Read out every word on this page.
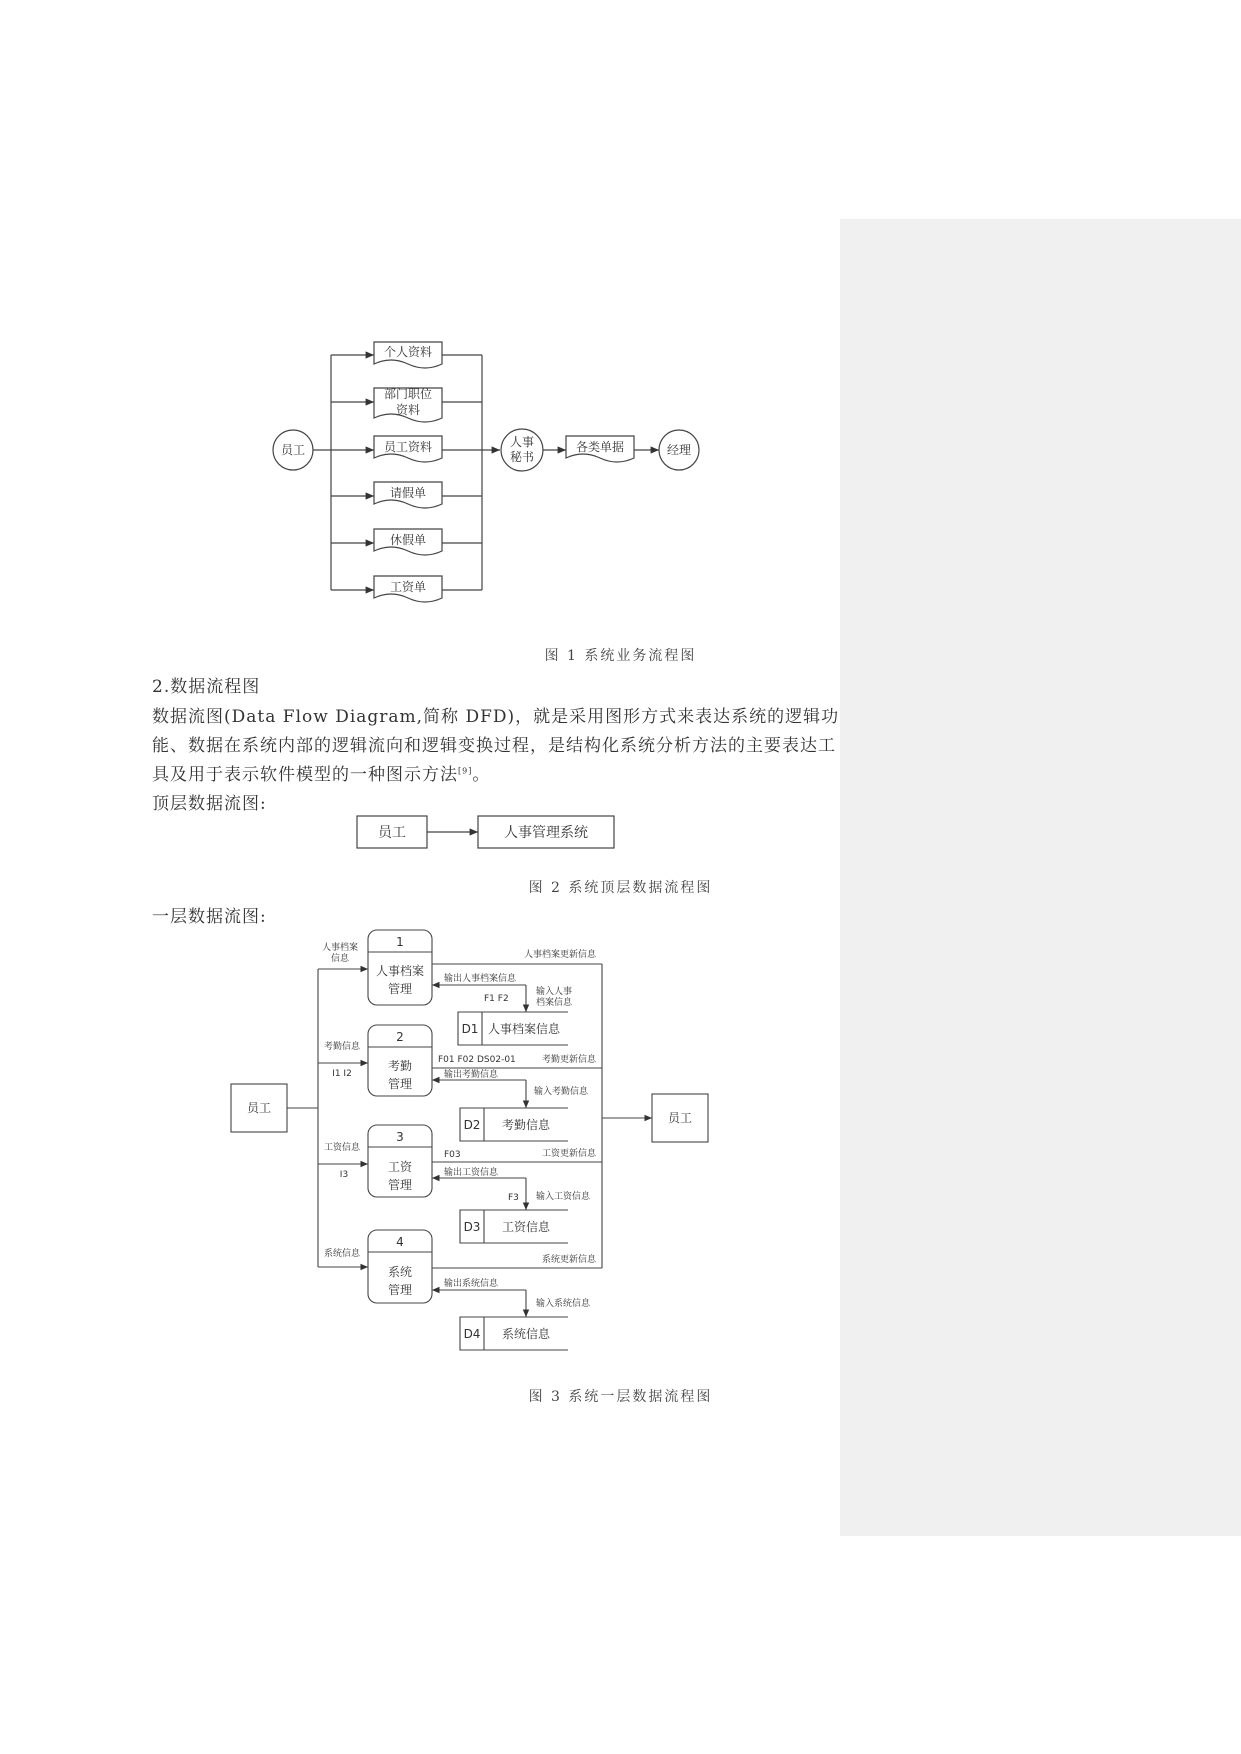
员工
个人资料
部门职位
资料
员工资料
请假单
休假单
工资单
人事
秘书
各类单据	经理
图 1 系统业务流程图
2.数据流程图
数据流图(Data Flow Diagram,简称 DFD)，就是采用图形方式来表达系统的逻辑功
能、数据在系统内部的逻辑流向和逻辑变换过程，是结构化系统分析方法的主要表达工
具及用于表示软件模型的一种图示方法[9]。
顶层数据流图:
员工	人事管理系统
图 2 系统顶层数据流程图
一层数据流图:
员工
员工
1
人事档案
管理
2
考勤
管理
3
工资
管理
4
系统
管理
D1 人事档案信息
D2 考勤信息
D3 工资信息
D4 系统信息
人事档案
信息
考勤信息
I1 I2
工资信息
I3
系统信息
人事档案更新信息
考勤更新信息
工资更新信息
系统更新信息
输出人事档案信息
输出考勤信息
输出工资信息
输出系统信息
输入人事
档案信息
输入考勤信息
输入工资信息
输入系统信息
F1 F2
F01 F02 DS02-01
F03
F3
图 3 系统一层数据流程图
